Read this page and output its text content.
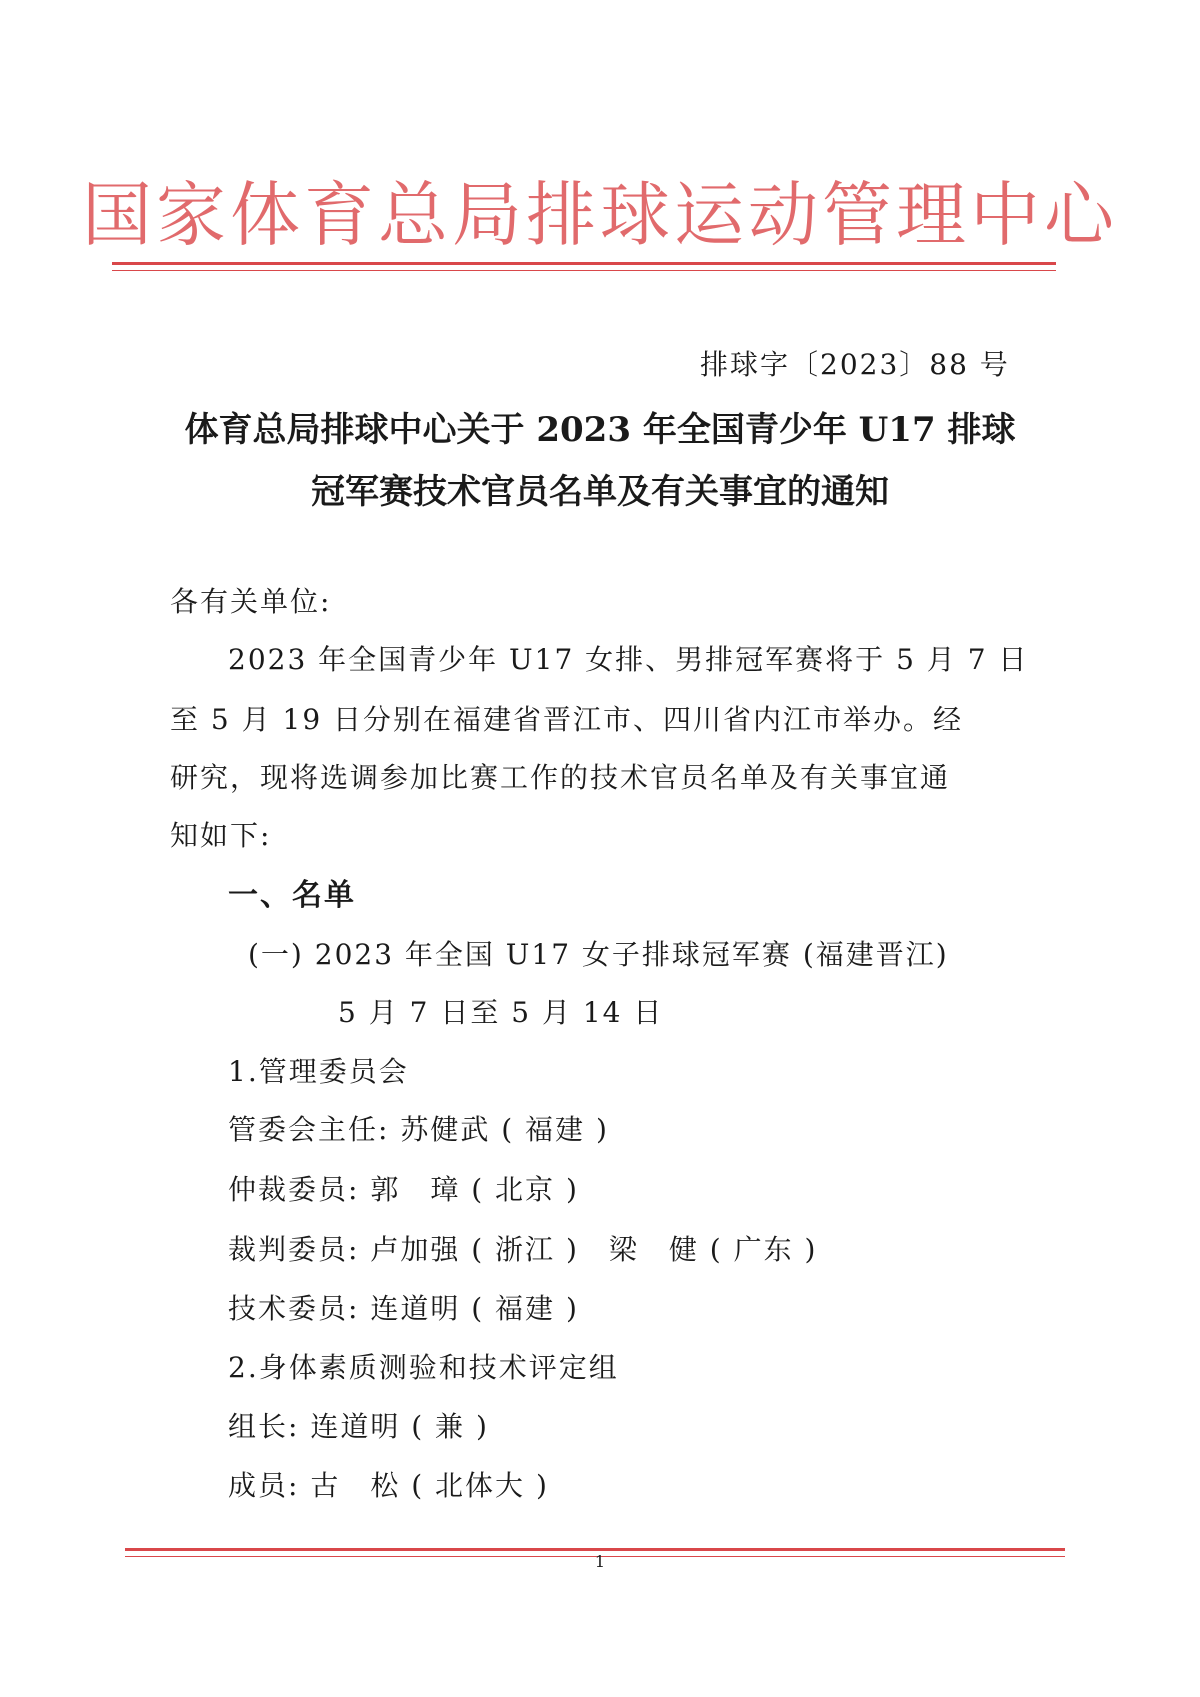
国家体育总局排球运动管理中心
排球字〔2023〕88 号
体育总局排球中心关于 2023 年全国青少年 U17 排球
冠军赛技术官员名单及有关事宜的通知
各有关单位:
2023 年全国青少年 U17 女排、男排冠军赛将于 5 月 7 日
至 5 月 19 日分别在福建省晋江市、四川省内江市举办。经
研究，现将选调参加比赛工作的技术官员名单及有关事宜通
知如下:
一、名单
(一) 2023 年全国 U17 女子排球冠军赛 (福建晋江)
5 月 7 日至 5 月 14 日
1.管理委员会
管委会主任: 苏健武 ( 福建 )
仲裁委员: 郭　璋 ( 北京 )
裁判委员: 卢加强 ( 浙江 )　梁　健 ( 广东 )
技术委员: 连道明 ( 福建 )
2.身体素质测验和技术评定组
组长: 连道明 ( 兼 )
成员: 古　松 ( 北体大 )
1
